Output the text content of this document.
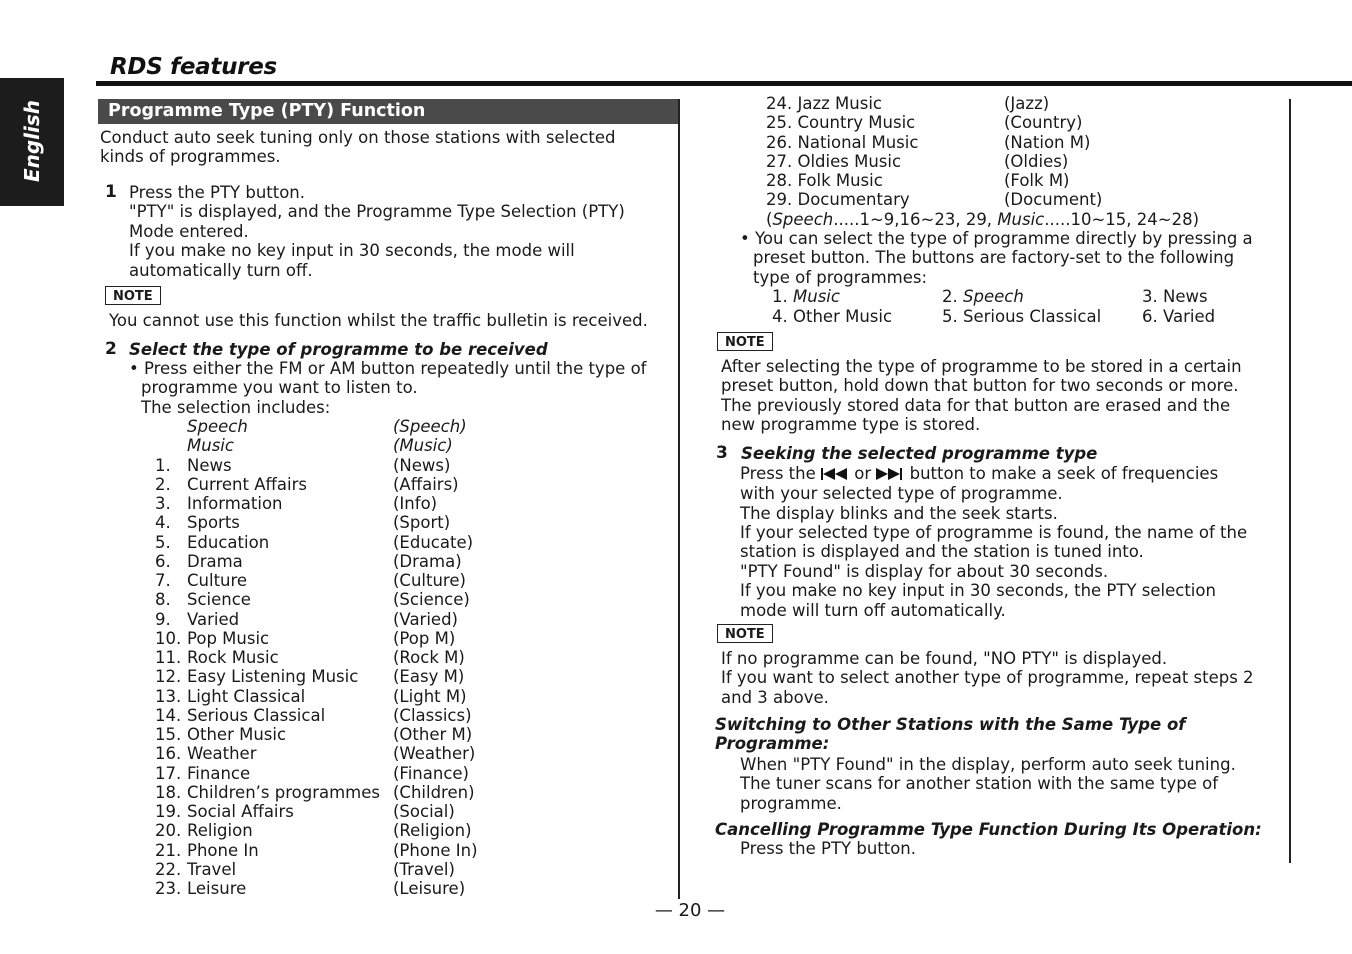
RDS features
English	Programme Type (PTY) Function
Conduct auto seek tuning only on those stations with selected
kinds of programmes.
1 Press the PTY button.
"PTY" is displayed, and the Programme Type Selection (PTY)
Mode entered.
If you make no key input in 30 seconds, the mode will
automatically turn off.
NOTE
You cannot use this function whilst the traffic bulletin is received.
2 Select the type of programme to be received
• Press either the FM or AM button repeatedly until the type of
programme you want to listen to.
The selection includes:
Speech	(Speech)
Music	(Music)
1. News	(News)
2. Current Affairs	(Affairs)
3. Information	(Info)
4. Sports	(Sport)
5. Education	(Educate)
6. Drama	(Drama)
7. Culture	(Culture)
8. Science	(Science)
9. Varied	(Varied)
10. Pop Music	(Pop M)
11. Rock Music	(Rock M)
12. Easy Listening Music (Easy M)
13. Light Classical	(Light M)
14. Serious Classical	(Classics)
15. Other Music	(Other M)
16. Weather	(Weather)
17. Finance	(Finance)
18. Children’s programmes (Children)
19. Social Affairs	(Social)
20. Religion	(Religion)
21. Phone In	(Phone In)
22. Travel	(Travel)
23. Leisure	(Leisure)
24. Jazz Music	(Jazz)
25. Country Music	(Country)
26. National Music	(Nation M)
27. Oldies Music	(Oldies)
28. Folk Music	(Folk M)
29. Documentary	(Document)
(Speech.....1~9,16~23, 29, Music.....10~15, 24~28)
• You can select the type of programme directly by pressing a
preset button. The buttons are factory-set to the following
type of programmes:
1. Music	2. Speech	3. News
4. Other Music	5. Serious Classical 6. Varied
NOTE
After selecting the type of programme to be stored in a certain
preset button, hold down that button for two seconds or more.
The previously stored data for that button are erased and the
new programme type is stored.
3 Seeking the selected programme type
Press the  or  button to make a seek of frequencies
with your selected type of programme.
The display blinks and the seek starts.
If your selected type of programme is found, the name of the
station is displayed and the station is tuned into.
"PTY Found" is display for about 30 seconds.
If you make no key input in 30 seconds, the PTY selection
mode will turn off automatically.
NOTE
If no programme can be found, "NO PTY" is displayed.
If you want to select another type of programme, repeat steps 2
and 3 above.
Switching to Other Stations with the Same Type of
Programme:
When "PTY Found" in the display, perform auto seek tuning.
The tuner scans for another station with the same type of
programme.
Cancelling Programme Type Function During Its Operation:
Press the PTY button.
— 20 —
